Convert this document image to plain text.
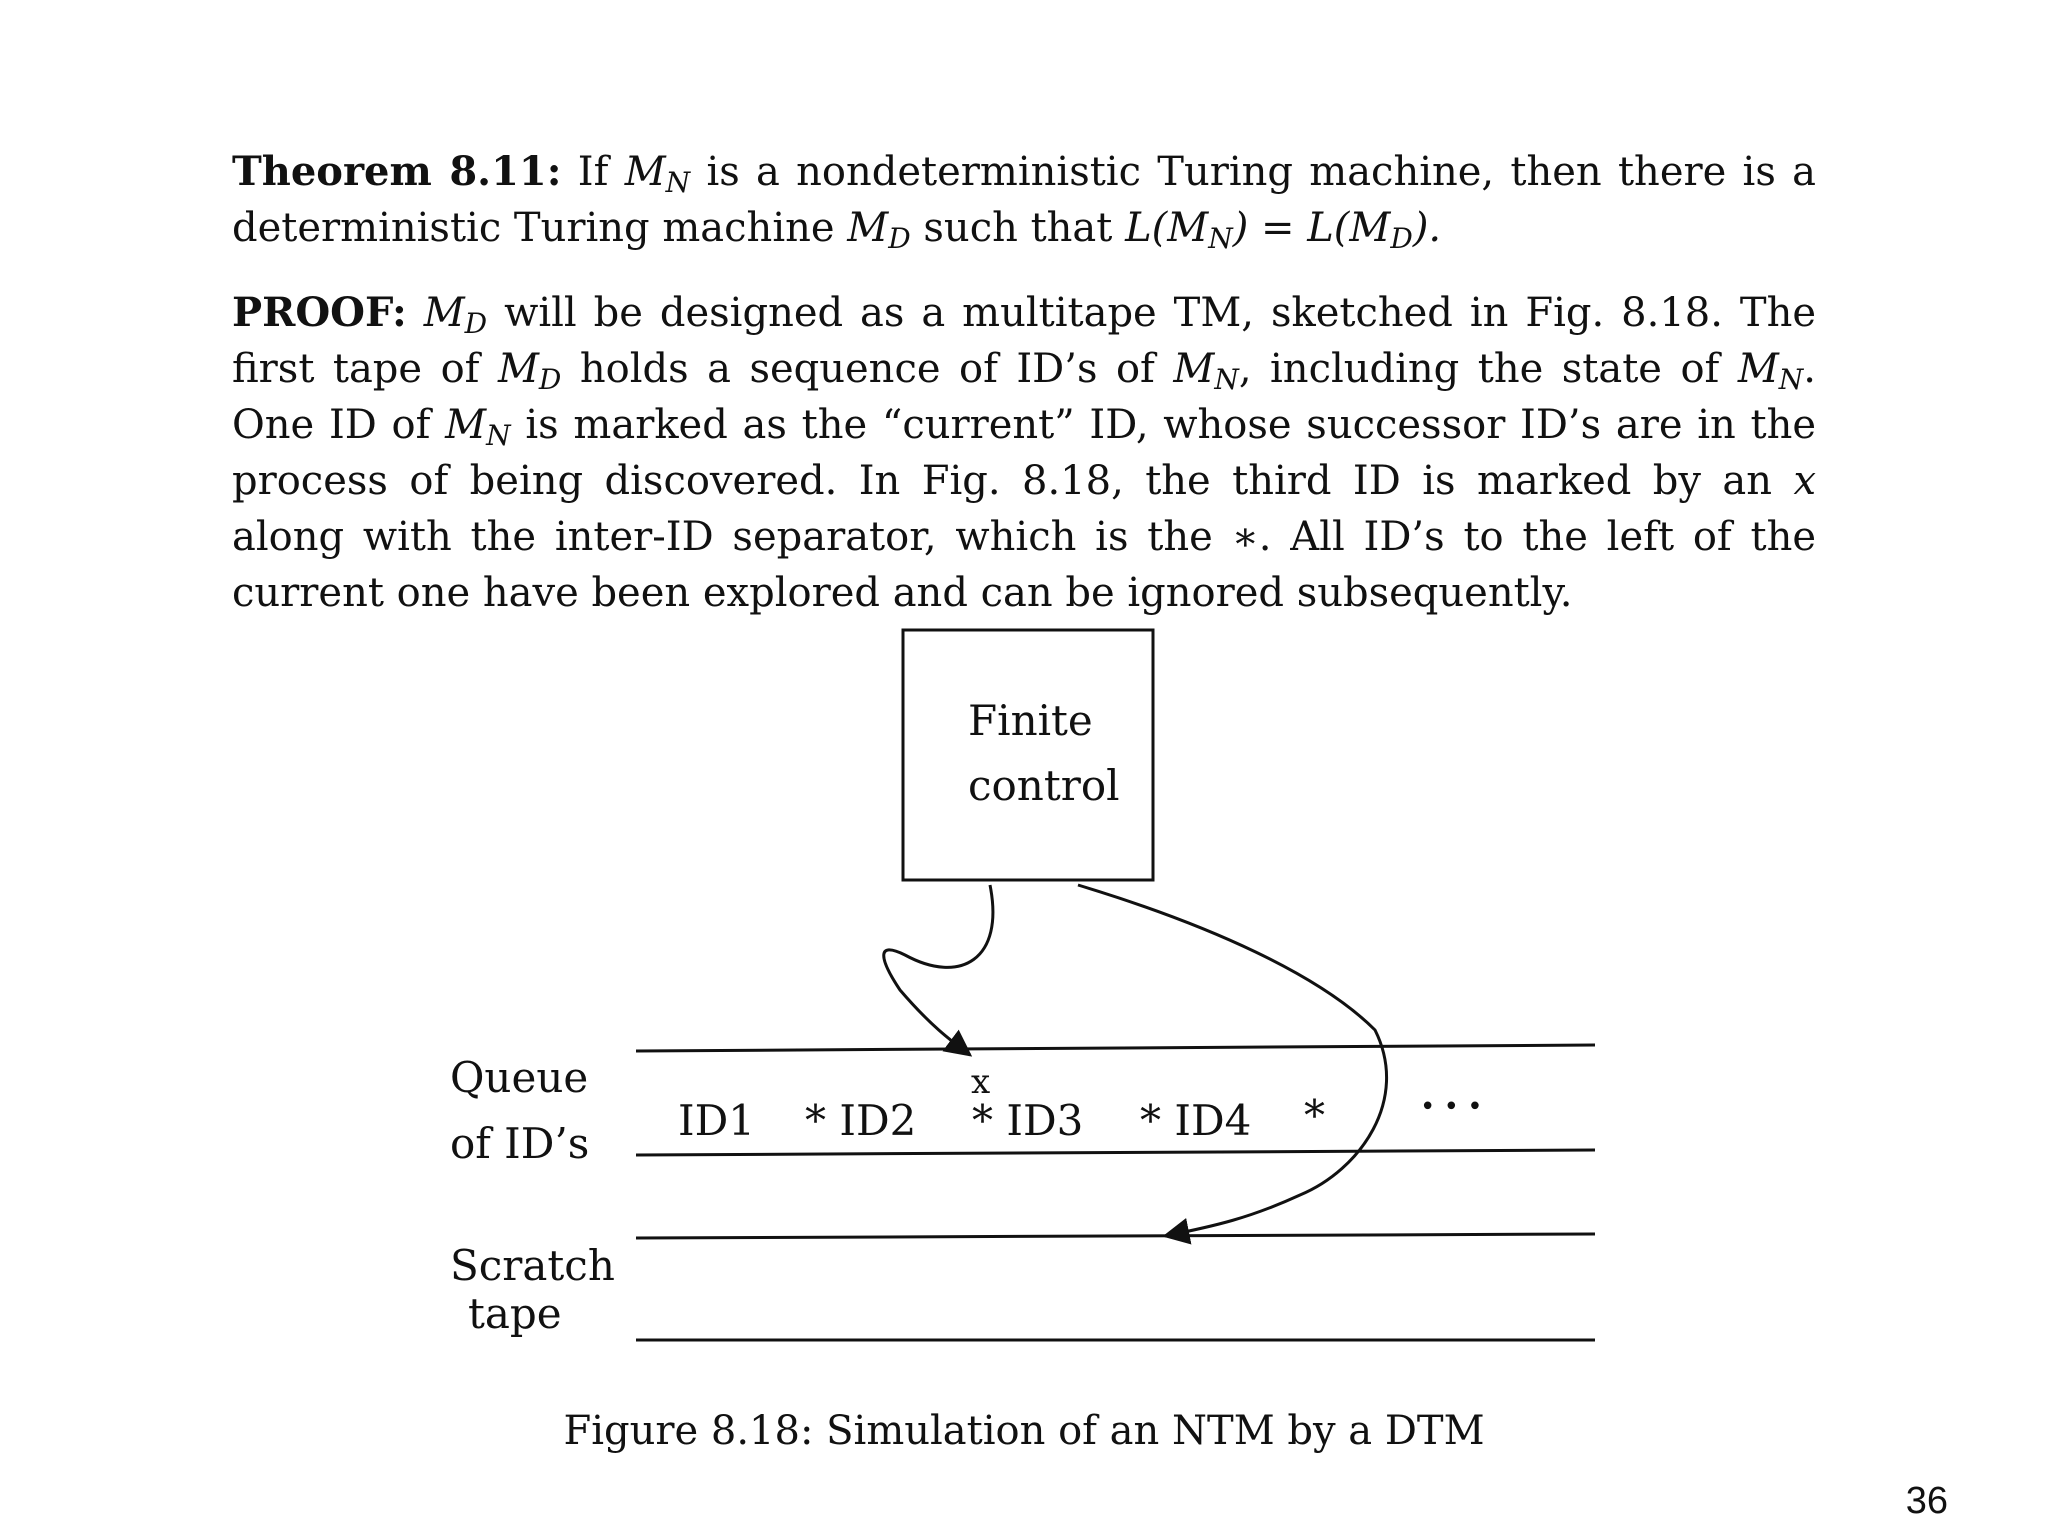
Theorem 8.11: If $M_N$ is a nondeterministic Turing machine, then there is a deterministic Turing machine $M_D$ such that $L(M_N) = L(M_D)$.

PROOF: $M_D$ will be designed as a multitape TM, sketched in Fig. 8.18. The first tape of $M_D$ holds a sequence of ID’s of $M_N$, including the state of $M_N$. One ID of $M_N$ is marked as the “current” ID, whose successor ID’s are in the process of being discovered. In Fig. 8.18, the third ID is marked by an x along with the inter-ID separator, which is the ∗. All ID’s to the left of the current one have been explored and can be ignored subsequently.

Finite
control
Queue
of ID’s
Scratch
tape
ID1 * ID2 * ID3 * ID4 *	• • •
x
Figure 8.18: Simulation of an NTM by a DTM
36
